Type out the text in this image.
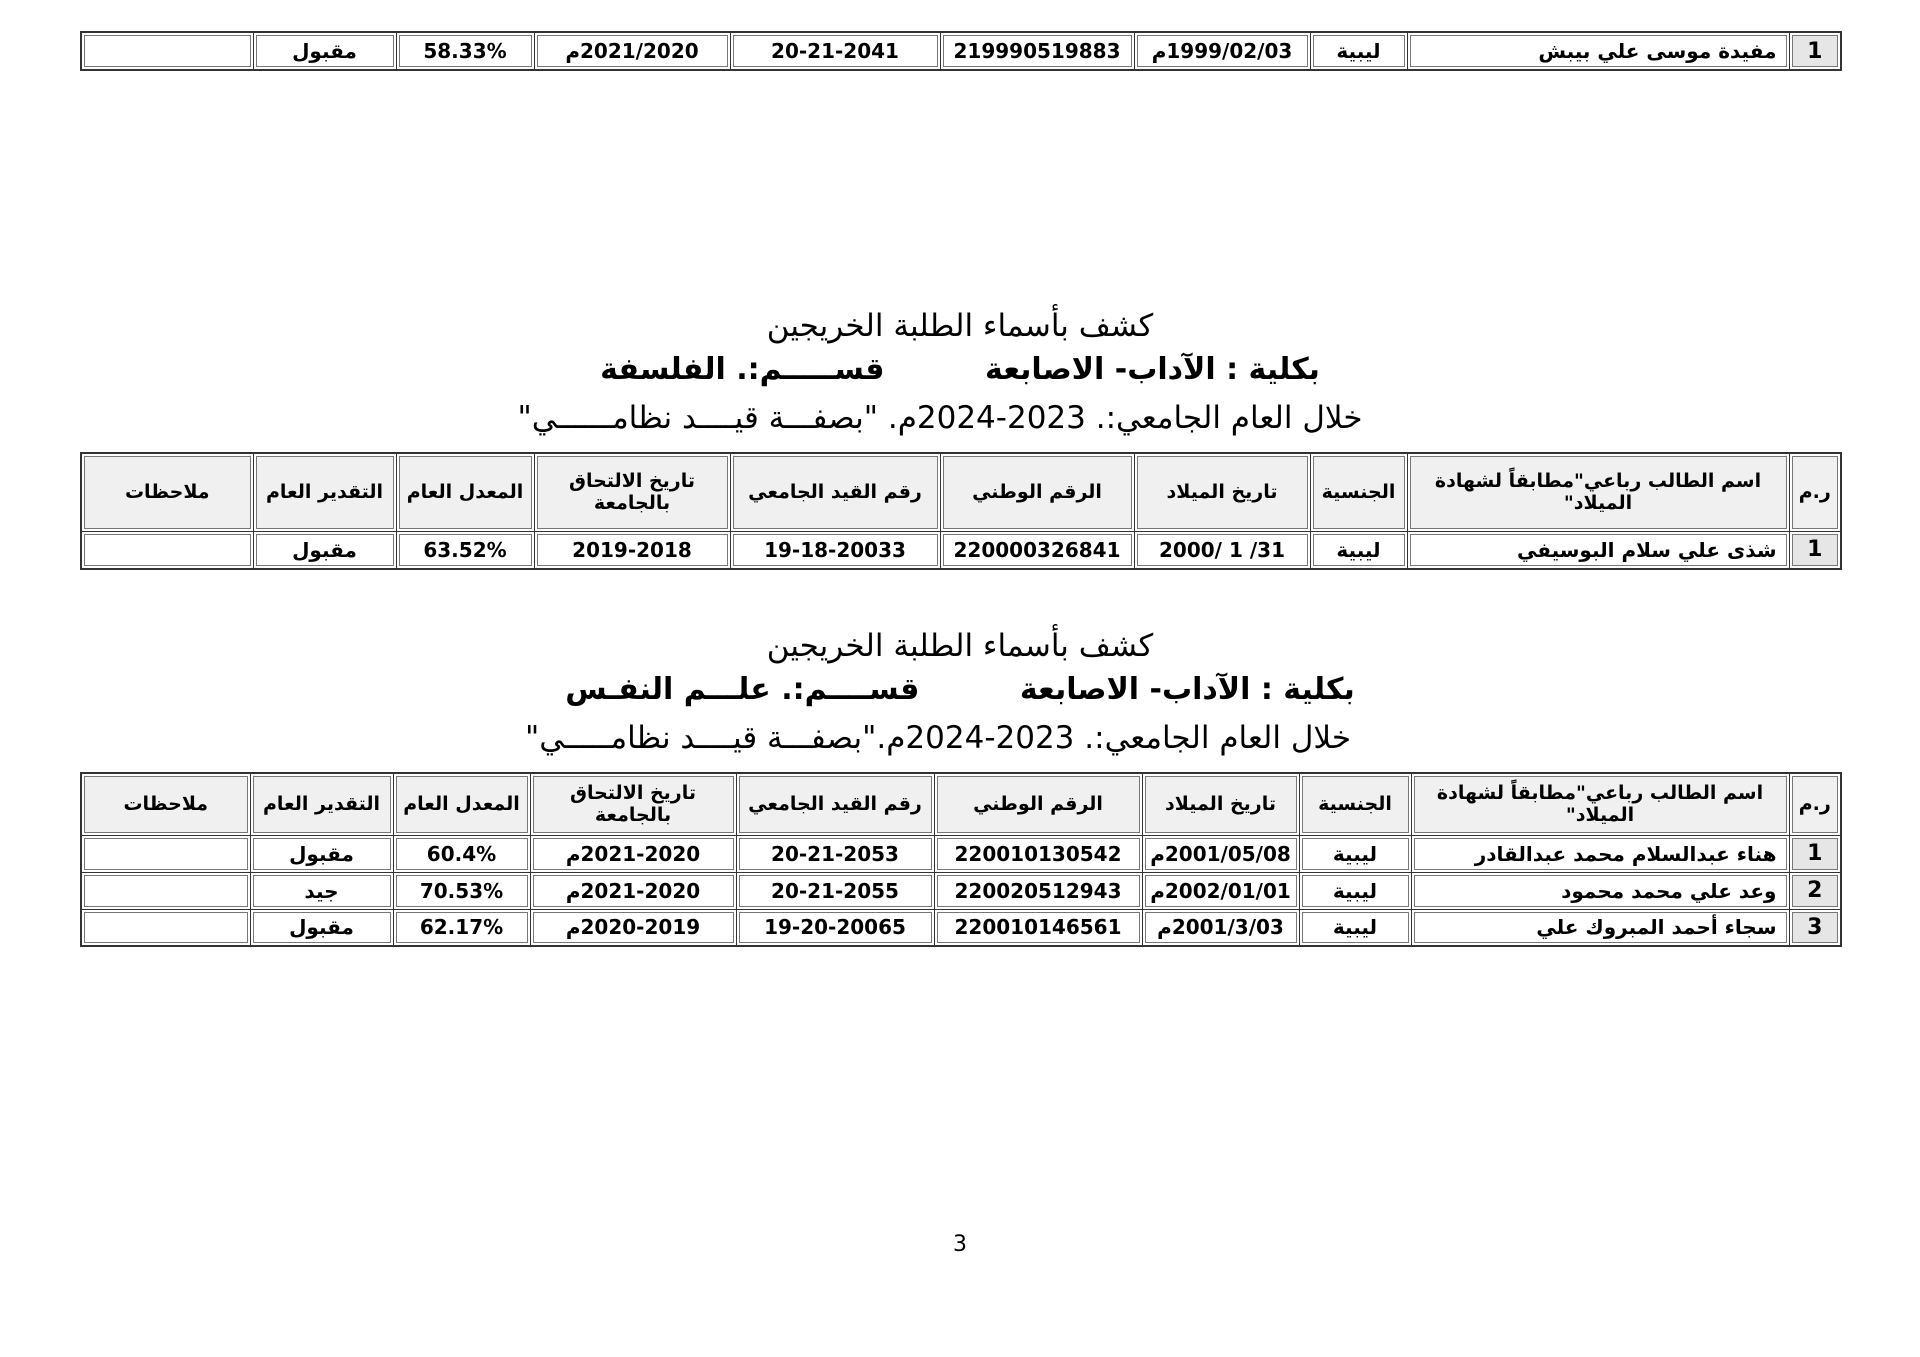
1	مفيدة موسى علي بيبش	ليبية	1999/02/03م	219990519883	20-21-2041	2021/2020م	58.33%	مقبول	
كشف بأسماء الطلبة الخريجين
بكلية : الآداب- الاصابعة قســـــم:. الفلسفة
خلال العام الجامعي:. 2023-2024م. "بصفـــة قيــــد نظامــــــي"
ر.م	اسم الطالب رباعي"مطابقاً لشهادة الميلاد"	الجنسية	تاريخ الميلاد	الرقم الوطني	رقم القيد الجامعي	تاريخ الالتحاق بالجامعة	المعدل العام	التقدير العام	ملاحظات
1	شذى علي سلام البوسيفي	ليبية	31/ 1 /2000	220000326841	19-18-20033	2019-2018	63.52%	مقبول	
كشف بأسماء الطلبة الخريجين
بكلية : الآداب- الاصابعة قســــم:. علـــم النفـس
خلال العام الجامعي:. 2023-2024م."بصفـــة قيــــد نظامـــــي"
ر.م	اسم الطالب رباعي"مطابقاً لشهادة الميلاد"	الجنسية	تاريخ الميلاد	الرقم الوطني	رقم القيد الجامعي	تاريخ الالتحاق بالجامعة	المعدل العام	التقدير العام	ملاحظات
1	هناء عبدالسلام محمد عبدالقادر	ليبية	2001/05/08م	220010130542	20-21-2053	2021-2020م	60.4%	مقبول	
2	وعد علي محمد محمود	ليبية	2002/01/01م	220020512943	20-21-2055	2021-2020م	70.53%	جيد	
3	سجاء أحمد المبروك علي	ليبية	2001/3/03م	220010146561	19-20-20065	2020-2019م	62.17%	مقبول	
3
